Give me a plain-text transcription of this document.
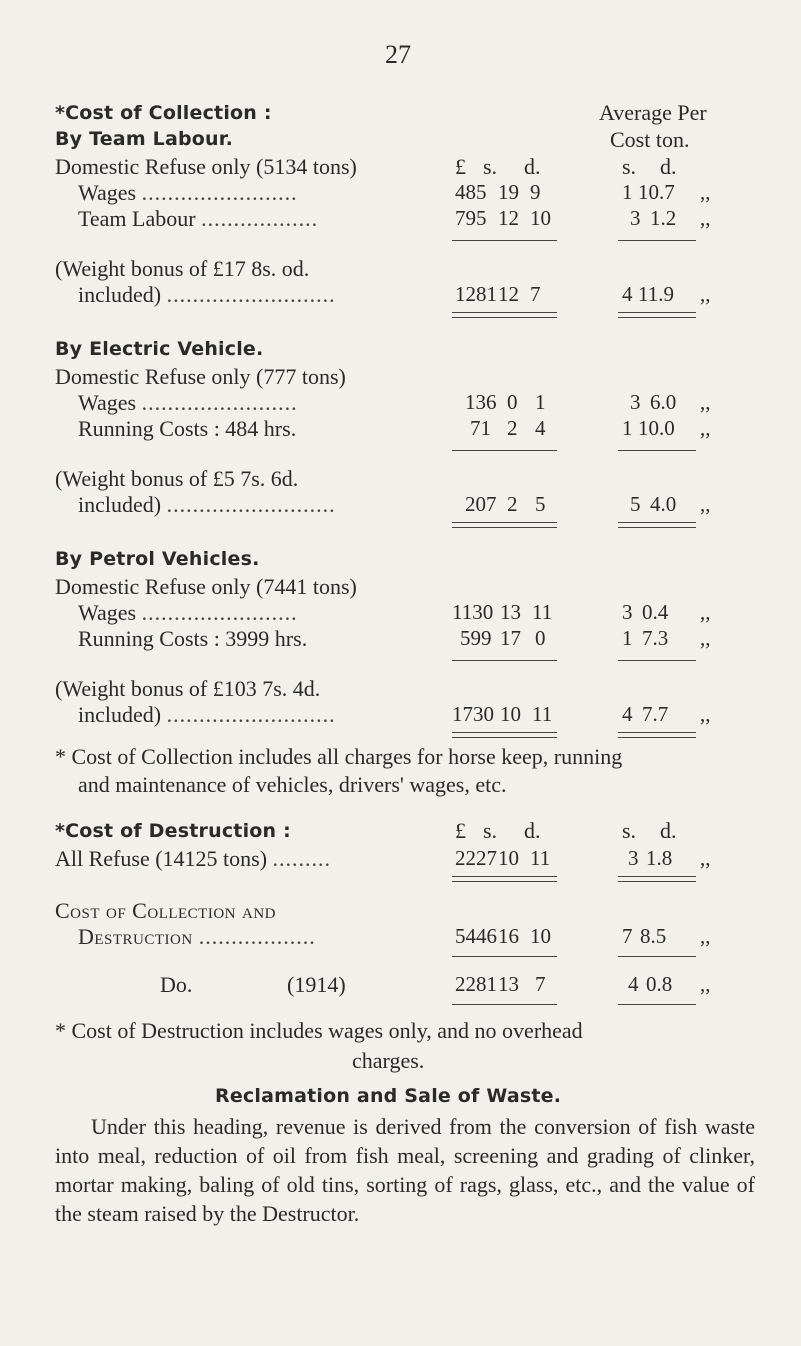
27
*Cost of Collection :	Average Per
Cost ton.
By Team Labour.
Domestic Refuse only (5134 tons)	£ s. d.	s. d.
Wages ........................	485 19 9	1 10.7 ,,
Team Labour ..................	795 12 10	3 1.2 ,,
(Weight bonus of £17 8s. od.
included) ..........................	1281 12 7	4 11.9 ,,
By Electric Vehicle.
Domestic Refuse only (777 tons)
Wages ........................	136 0 1	3 6.0 ,,
Running Costs : 484 hrs.	71 2 4	1 10.0 ,,
(Weight bonus of £5 7s. 6d.
included) ..........................	207 2 5	5 4.0 ,,
By Petrol Vehicles.
Domestic Refuse only (7441 tons)
Wages ........................	1130 13 11	3 0.4 ,,
Running Costs : 3999 hrs.	599 17 0	1 7.3 ,,
(Weight bonus of £103 7s. 4d.
included) ..........................	1730 10 11	4 7.7 ,,
* Cost of Collection includes all charges for horse keep, running
and maintenance of vehicles, drivers' wages, etc.
*Cost of Destruction :	£ s. d.	s. d.
All Refuse (14125 tons) .........	2227 10 11	3 1.8 ,,
Cost of Collection and
Destruction ..................	5446 16 10	7 8.5 ,,
Do.	(1914)	2281 13 7	4 0.8 ,,
* Cost of Destruction includes wages only, and no overhead
charges.
Reclamation and Sale of Waste.
Under this heading, revenue is derived from the conversion of fish waste into meal, reduction of oil from fish meal, screening and grading of clinker, mortar making, baling of old tins, sorting of rags, glass, etc., and the value of the steam raised by the Destructor.
